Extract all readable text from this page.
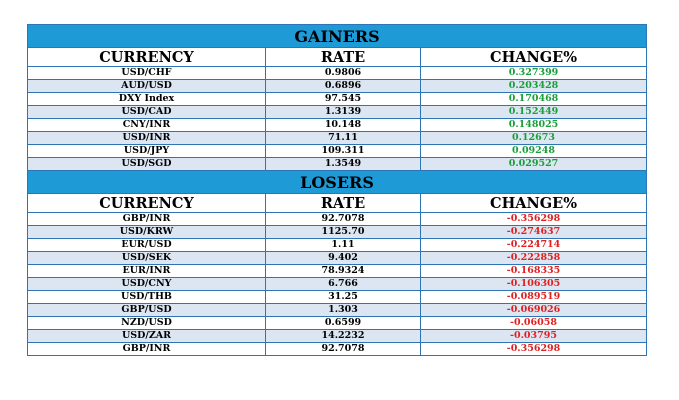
GAINERS		
CURRENCY	RATE	CHANGE%
USD/CHF	0.9806	0.327399
AUD/USD	0.6896	0.203428
DXY Index	97.545	0.170468
USD/CAD	1.3139	0.152449
CNY/INR	10.148	0.148025
USD/INR	71.11	0.12673
USD/JPY	109.311	0.09248
USD/SGD	1.3549	0.029527
LOSERS		
CURRENCY	RATE	CHANGE%
GBP/INR	92.7078	-0.356298
USD/KRW	1125.70	-0.274637
EUR/USD	1.11	-0.224714
USD/SEK	9.402	-0.222858
EUR/INR	78.9324	-0.168335
USD/CNY	6.766	-0.106305
USD/THB	31.25	-0.089519
GBP/USD	1.303	-0.069026
NZD/USD	0.6599	-0.06058
USD/ZAR	14.2232	-0.03795
GBP/INR	92.7078	-0.356298
